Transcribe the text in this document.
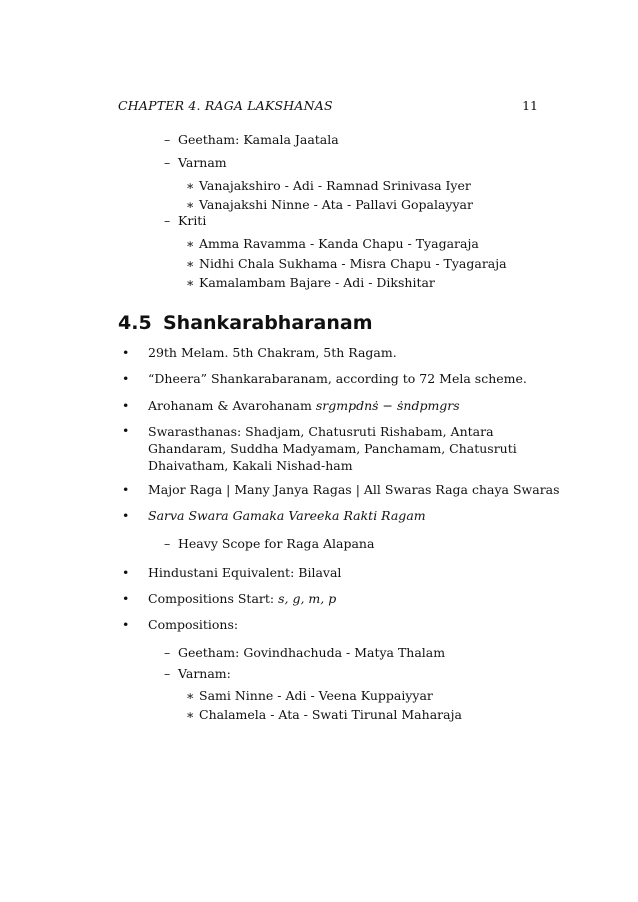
CHAPTER 4. RAGA LAKSHANAS	11
– Geetham: Kamala Jaatala
– Varnam
∗ Vanajakshiro - Adi - Ramnad Srinivasa Iyer
∗ Vanajakshi Ninne - Ata - Pallavi Gopalayyar
– Kriti
∗ Amma Ravamma - Kanda Chapu - Tyagaraja
∗ Nidhi Chala Sukhama - Misra Chapu - Tyagaraja
∗ Kamalambam Bajare - Adi - Dikshitar
4.5 Shankarabharanam
• 29th Melam. 5th Chakram, 5th Ragam.
• “Dheera” Shankarabaranam, according to 72 Mela scheme.
• Arohanam & Avarohanam srgmpdnṡ − ṡndpmgrs
• Swarasthanas: Shadjam, Chatusruti Rishabam, Antara Ghandaram, Suddha Madyamam, Panchamam, Chatusruti Dhaivatham, Kakali Nishad-ham
• Major Raga | Many Janya Ragas | All Swaras Raga chaya Swaras
• Sarva Swara Gamaka Vareeka Rakti Ragam
– Heavy Scope for Raga Alapana
• Hindustani Equivalent: Bilaval
• Compositions Start: s, g, m, p
• Compositions:
– Geetham: Govindhachuda - Matya Thalam
– Varnam:
∗ Sami Ninne - Adi - Veena Kuppaiyyar
∗ Chalamela - Ata - Swati Tirunal Maharaja
